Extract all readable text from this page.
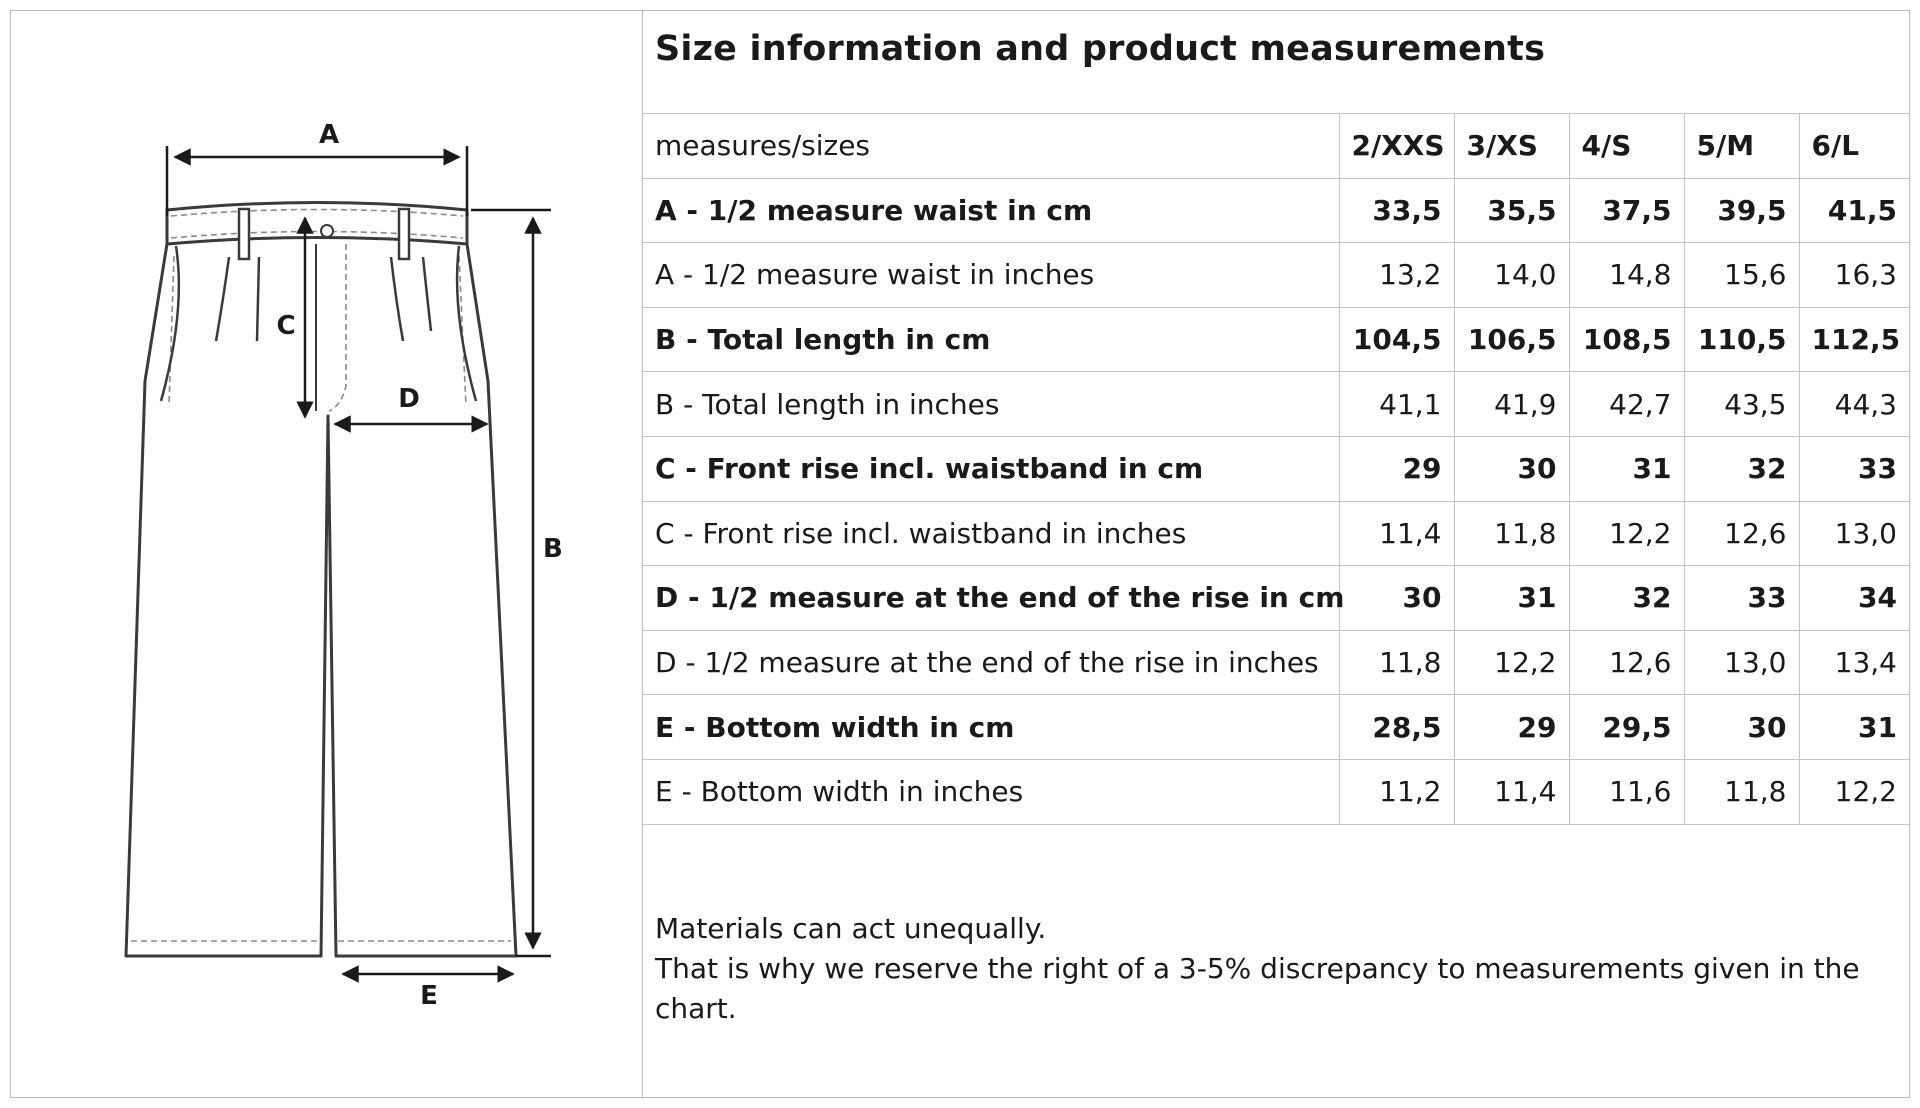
A
B
C
D
E
Size information and product measurements
measures/sizes	2/XXS	3/XS	4/S	5/M	6/L
A - 1/2 measure waist in cm	33,5	35,5	37,5	39,5	41,5
A - 1/2 measure waist in inches	13,2	14,0	14,8	15,6	16,3
B - Total length in cm	104,5	106,5	108,5	110,5	112,5
B - Total length in inches	41,1	41,9	42,7	43,5	44,3
C - Front rise incl. waistband in cm	29	30	31	32	33
C - Front rise incl. waistband in inches	11,4	11,8	12,2	12,6	13,0
D - 1/2 measure at the end of the rise in cm	30	31	32	33	34
D - 1/2 measure at the end of the rise in inches	11,8	12,2	12,6	13,0	13,4
E - Bottom width in cm	28,5	29	29,5	30	31
E - Bottom width in inches	11,2	11,4	11,6	11,8	12,2
Materials can act unequally.
That is why we reserve the right of a 3-5% discrepancy to measurements given in the chart.
